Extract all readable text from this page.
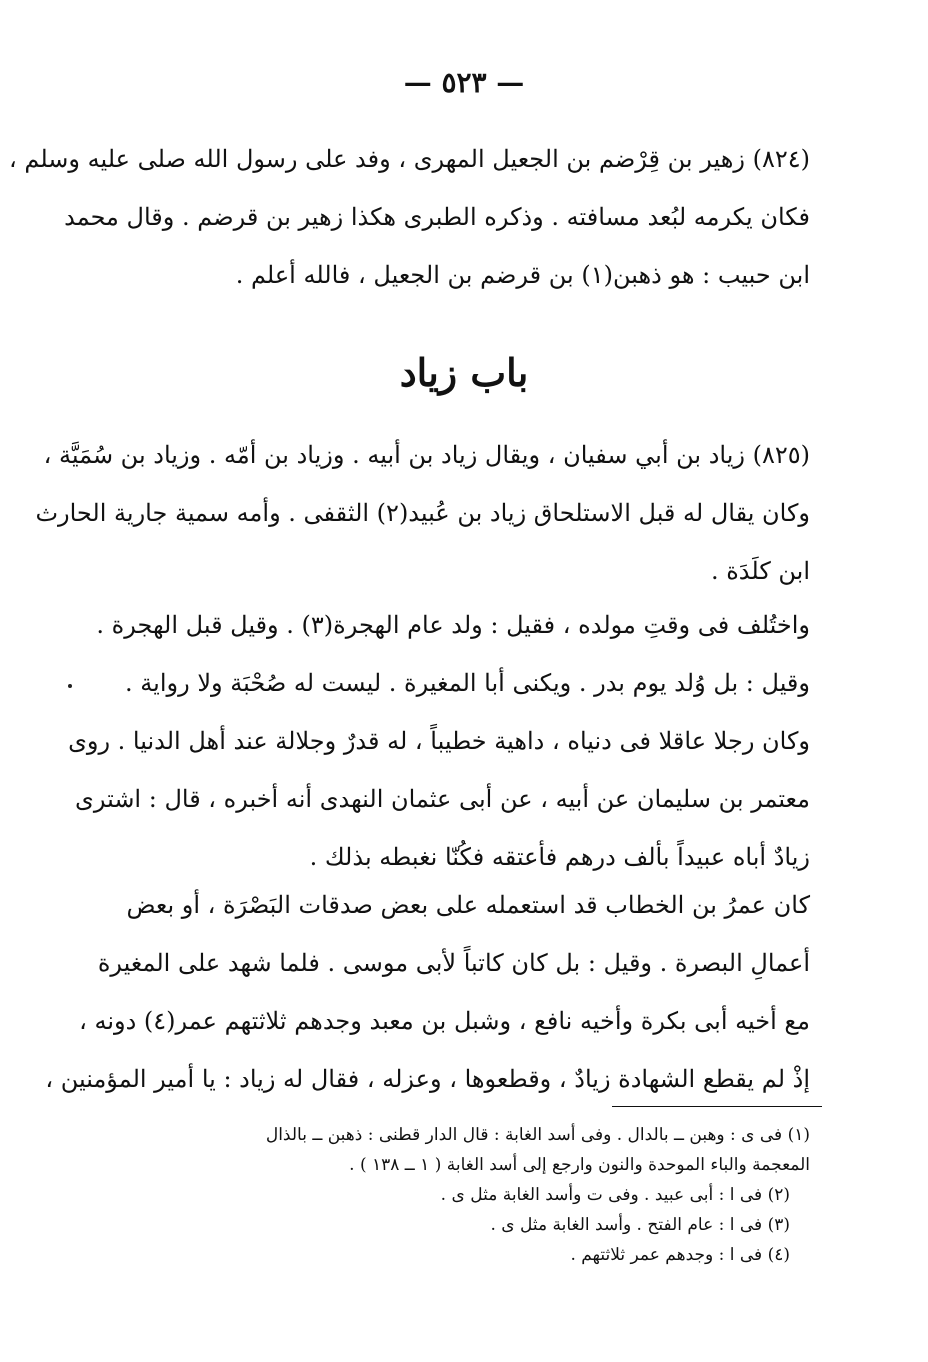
— ٥٢٣ —
(٨٢٤) زهير بن قِرْضم بن الجعيل المهرى ، وفد على رسول الله صلى عليه وسلم ،
فكان يكرمه لبُعد مسافته . وذكره الطبرى هكذا زهير بن قرضم . وقال محمد
ابن حبيب : هو ذهبن(١) بن قرضم بن الجعيل ، فالله أعلم .
باب زياد
(٨٢٥) زياد بن أبي سفيان ، ويقال زياد بن أبيه . وزياد بن أمّه . وزياد بن سُمَيَّة ،
وكان يقال له قبل الاستلحاق زياد بن عُبيد(٢) الثقفى . وأمه سمية جارية الحارث
ابن كلَدَة .
واختُلف فى وقتِ مولده ، فقيل : ولد عام الهجرة(٣) . وقيل قبل الهجرة .
وقيل : بل وُلد يوم بدر . ويكنى أبا المغيرة . ليست له صُحْبَة ولا رواية .
وكان رجلا عاقلا فى دنياه ، داهية خطيباً ، له قدرٌ وجلالة عند أهل الدنيا . روى
معتمر بن سليمان عن أبيه ، عن أبى عثمان النهدى أنه أخبره ، قال : اشترى
زيادٌ أباه عبيداً بألف درهم فأعتقه فكُنّا نغبطه بذلك .
كان عمرُ بن الخطاب قد استعمله على بعض صدقات البَصْرَة ، أو بعض
أعمالِ البصرة . وقيل : بل كان كاتباً لأبى موسى . فلما شهد على المغيرة
مع أخيه أبى بكرة وأخيه نافع ، وشبل بن معبد وجدهم ثلاثتهم عمر(٤) دونه ،
إذْ لم يقطع الشهادة زيادٌ ، وقطعوها ، وعزله ، فقال له زياد : يا أمير المؤمنين ،
(١) فى ى : وهبن ــ بالدال . وفى أسد الغابة : قال الدار قطنى : ذهبن ــ بالذال
المعجمة والباء الموحدة والنون وارجع إلى أسد الغابة ( ١ ــ ١٣٨ ) .
(٢) فى ا : أبى عبيد . وفى ت وأسد الغابة مثل ى .
(٣) فى ا : عام الفتح . وأسد الغابة مثل ى .
(٤) فى ا : وجدهم عمر ثلاثتهم .
